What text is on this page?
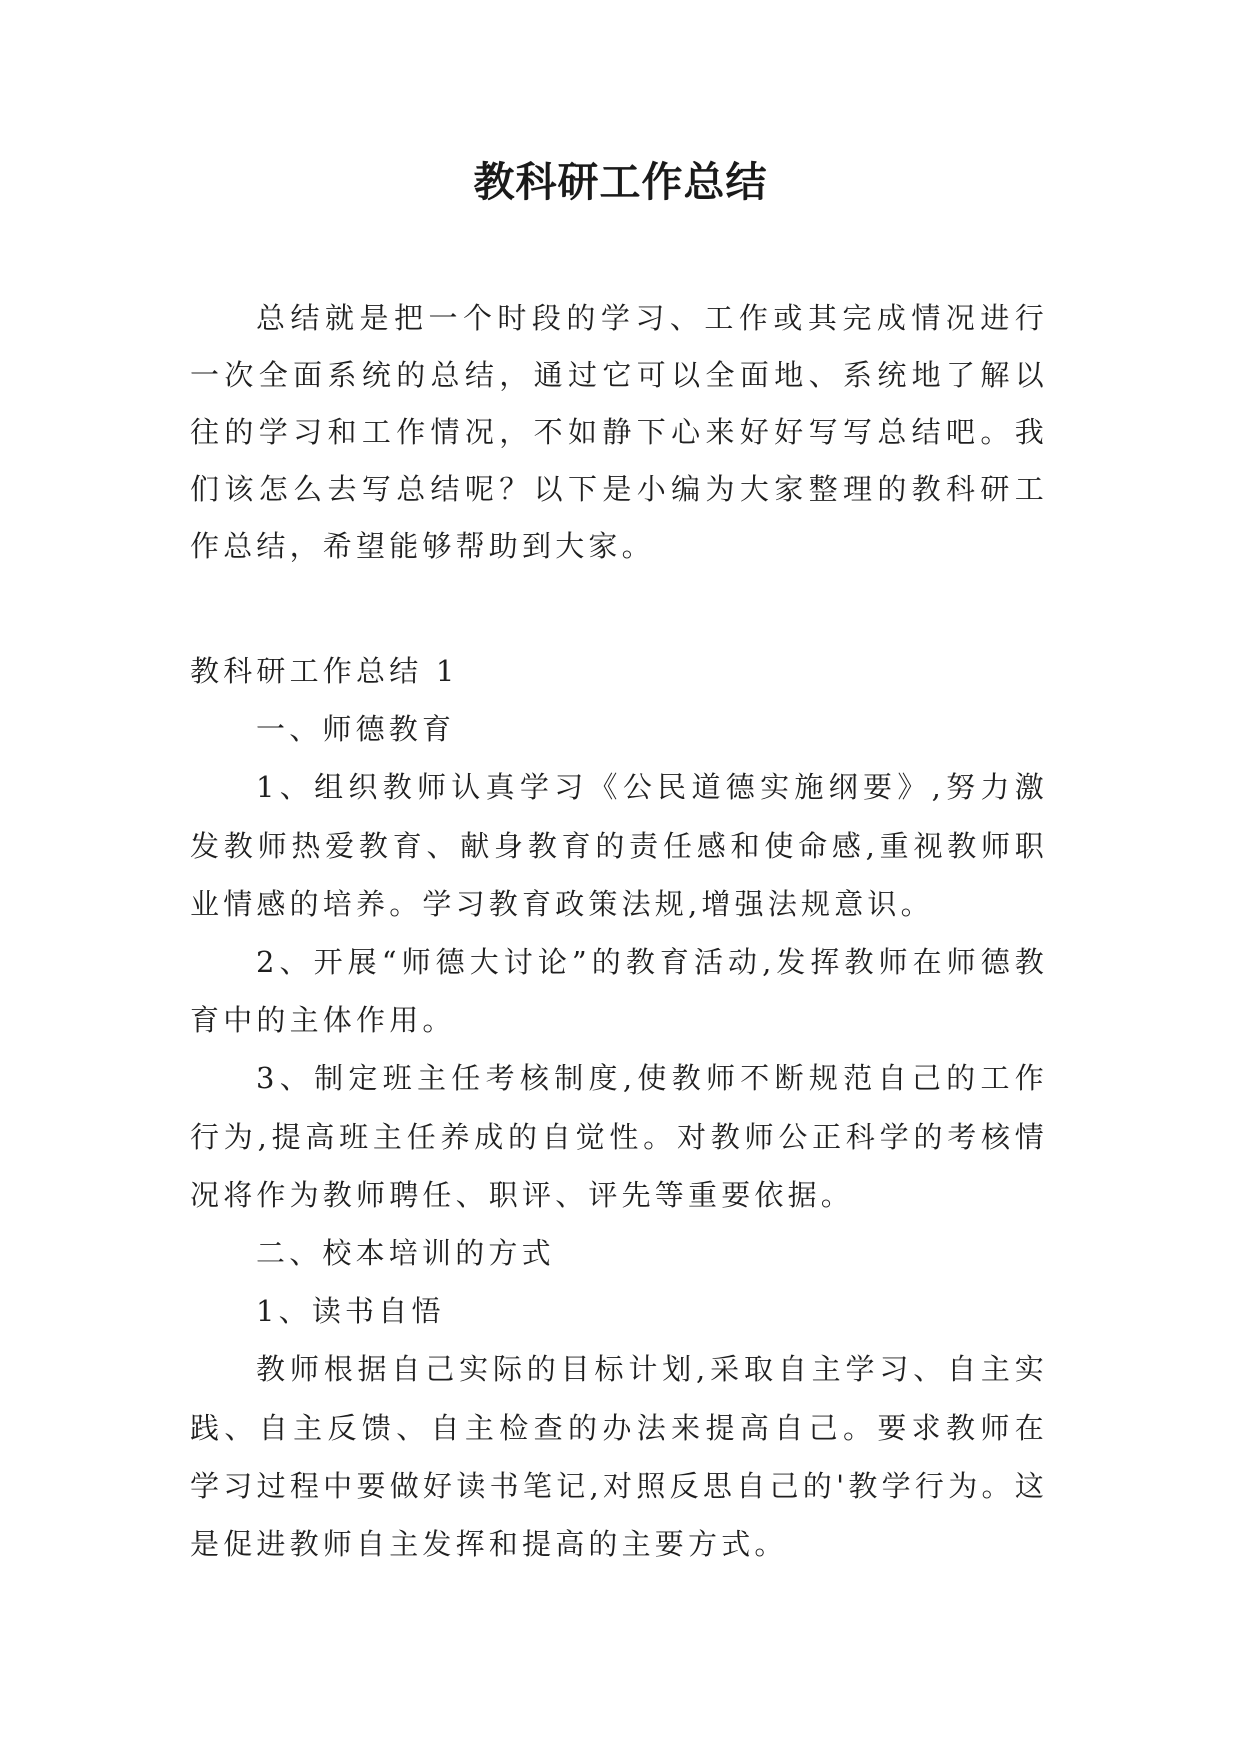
教科研工作总结

总结就是把一个时段的学习、工作或其完成情况进行一次全面系统的总结，通过它可以全面地、系统地了解以往的学习和工作情况，不如静下心来好好写写总结吧。我们该怎么去写总结呢？以下是小编为大家整理的教科研工作总结，希望能够帮助到大家。

教科研工作总结 1

一、师德教育

1、组织教师认真学习《公民道德实施纲要》,努力激发教师热爱教育、献身教育的责任感和使命感,重视教师职业情感的培养。学习教育政策法规,增强法规意识。

2、开展“师德大讨论”的教育活动,发挥教师在师德教育中的主体作用。

3、制定班主任考核制度,使教师不断规范自己的工作行为,提高班主任养成的自觉性。对教师公正科学的考核情况将作为教师聘任、职评、评先等重要依据。

二、校本培训的方式

1、读书自悟

教师根据自己实际的目标计划,采取自主学习、自主实践、自主反馈、自主检查的办法来提高自己。要求教师在学习过程中要做好读书笔记,对照反思自己的'教学行为。这是促进教师自主发挥和提高的主要方式。
